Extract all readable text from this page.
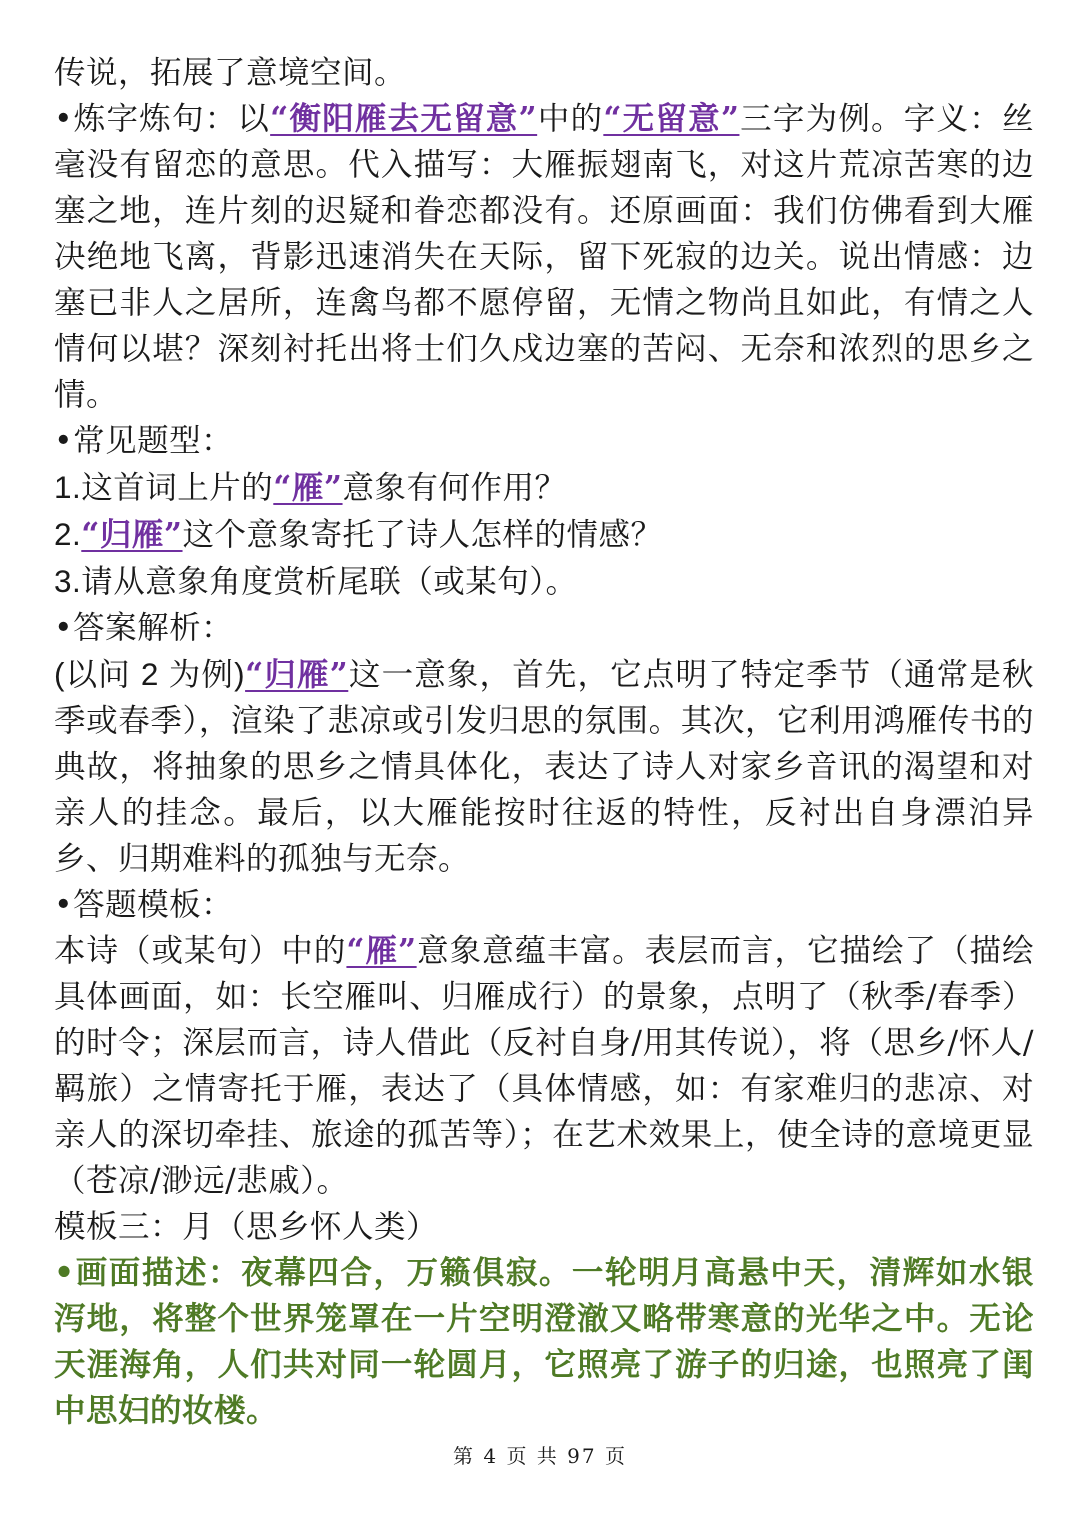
传说，拓展了意境空间。

•炼字炼句：以“衡阳雁去无留意”中的“无留意”三字为例。字义：丝毫没有留恋的意思。代入描写：大雁振翅南飞，对这片荒凉苦寒的边塞之地，连片刻的迟疑和眷恋都没有。还原画面：我们仿佛看到大雁决绝地飞离，背影迅速消失在天际，留下死寂的边关。说出情感：边塞已非人之居所，连禽鸟都不愿停留，无情之物尚且如此，有情之人情何以堪？深刻衬托出将士们久戍边塞的苦闷、无奈和浓烈的思乡之情。

•常见题型：

1.这首词上片的“雁”意象有何作用？

2.“归雁”这个意象寄托了诗人怎样的情感？

3.请从意象角度赏析尾联（或某句）。

•答案解析：

(以问 2 为例)“归雁”这一意象，首先，它点明了特定季节（通常是秋季或春季），渲染了悲凉或引发归思的氛围。其次，它利用鸿雁传书的典故，将抽象的思乡之情具体化，表达了诗人对家乡音讯的渴望和对亲人的挂念。最后，以大雁能按时往返的特性，反衬出自身漂泊异乡、归期难料的孤独与无奈。

•答题模板：

本诗（或某句）中的“雁”意象意蕴丰富。表层而言，它描绘了（描绘具体画面，如：长空雁叫、归雁成行）的景象，点明了（秋季/春季）的时令；深层而言，诗人借此（反衬自身/用其传说），将（思乡/怀人/羁旅）之情寄托于雁，表达了（具体情感，如：有家难归的悲凉、对亲人的深切牵挂、旅途的孤苦等）；在艺术效果上，使全诗的意境更显（苍凉/渺远/悲戚）。

模板三：月（思乡怀人类）

•画面描述：夜幕四合，万籁俱寂。一轮明月高悬中天，清辉如水银泻地，将整个世界笼罩在一片空明澄澈又略带寒意的光华之中。无论天涯海角，人们共对同一轮圆月，它照亮了游子的归途，也照亮了闺中思妇的妆楼。

第 4 页 共 97 页
